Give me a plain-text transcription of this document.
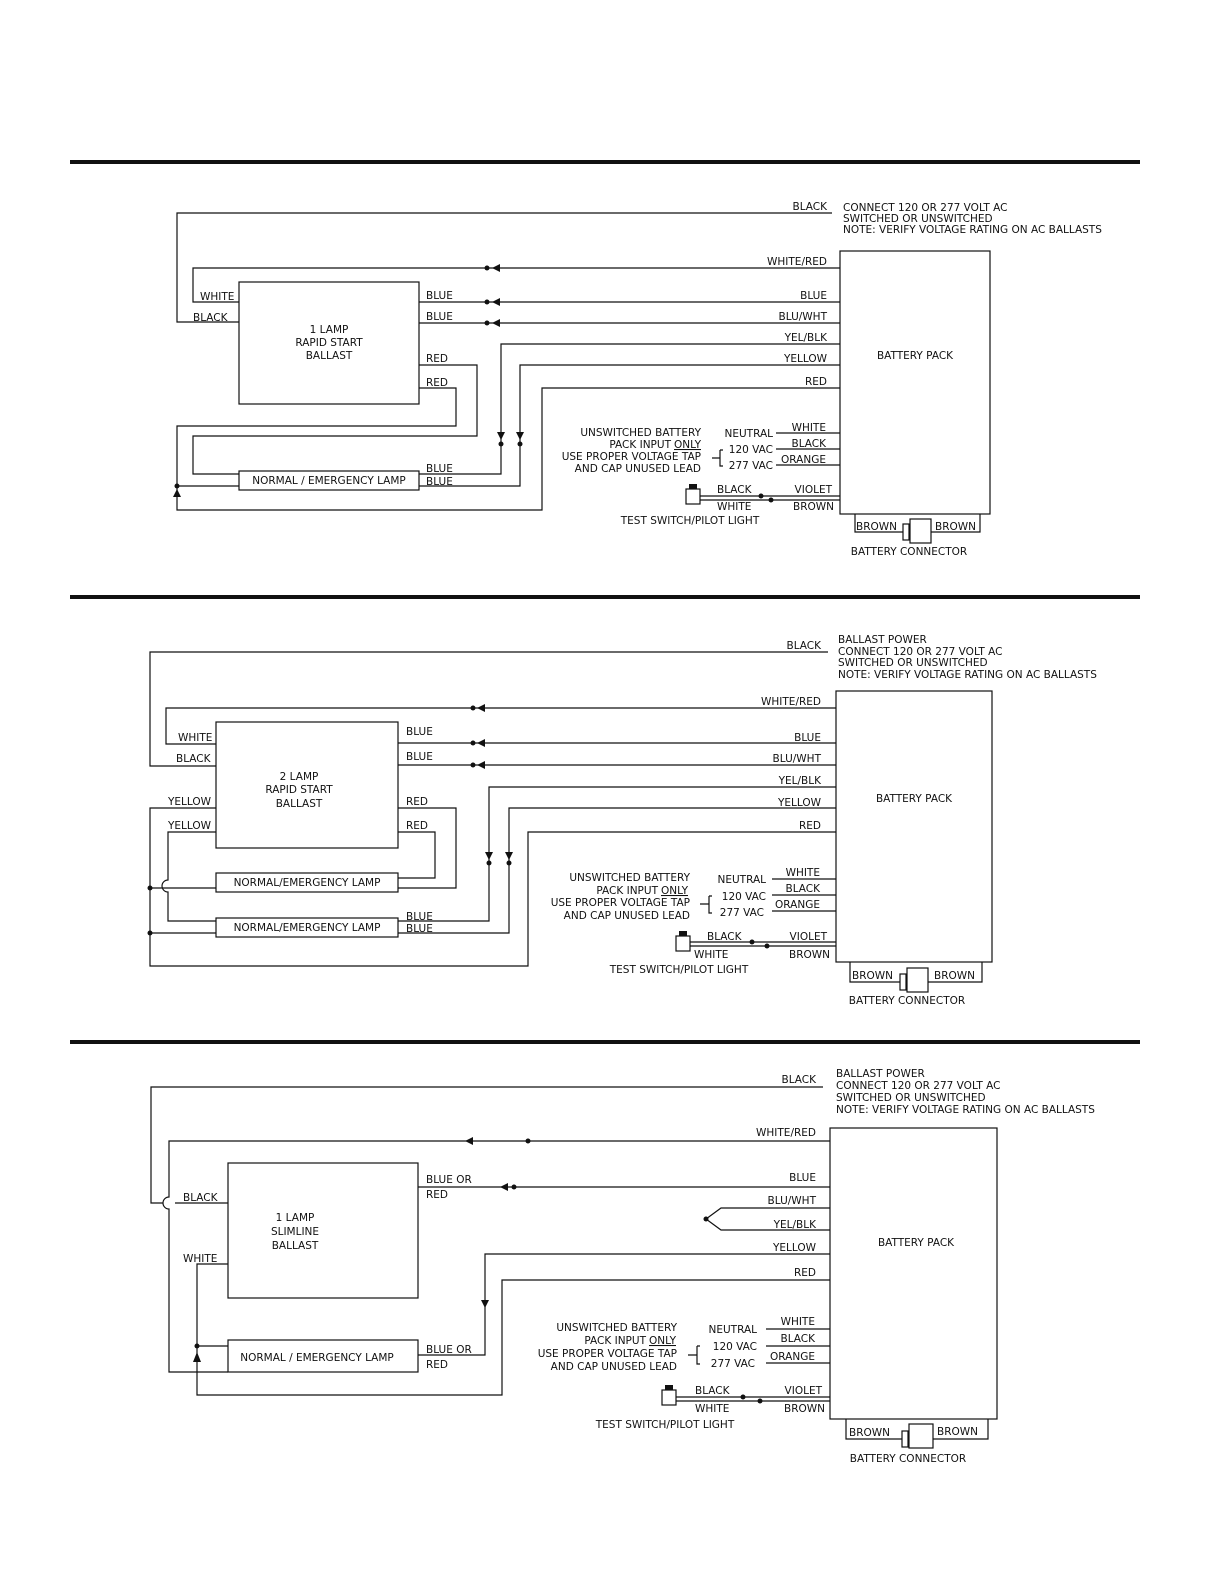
1 LAMP
RAPID START
BALLAST
NORMAL / EMERGENCY LAMP
BATTERY PACK
BROWN	BROWN
BATTERY CONNECTOR
BLACK CONNECT 120 OR 277 VOLT AC
SWITCHED OR UNSWITCHED
NOTE: VERIFY VOLTAGE RATING ON AC BALLASTS
WHITE/RED
WHITE
BLACK
BLUE
BLUE
BLU/WHT
BLUE
YEL/BLK
YELLOW
BLUE
BLUE
RED
RED
RED
WHITE
BLACK
ORANGE
NEUTRAL
120 VAC
277 VAC
UNSWITCHED BATTERY
PACK INPUT ONLY
USE PROPER VOLTAGE TAP
AND CAP UNUSED LEAD
BLACK
WHITE
VIOLET
BROWN
TEST SWITCH/PILOT LIGHT
2 LAMP
RAPID START
BALLAST
NORMAL/EMERGENCY LAMP
NORMAL/EMERGENCY LAMP
BATTERY PACK
BROWN	BROWN
BATTERY CONNECTOR
BLACK BALLAST POWER
CONNECT 120 OR 277 VOLT AC
SWITCHED OR UNSWITCHED
NOTE: VERIFY VOLTAGE RATING ON AC BALLASTS
WHITE/RED
WHITE
BLACK
BLUE
BLUE
BLU/WHT
BLUE
YEL/BLK
YELLOW
BLUE
BLUE
RED
YELLOW
YELLOW
RED
RED
WHITE
BLACK
ORANGE
NEUTRAL
120 VAC
277 VAC
UNSWITCHED BATTERY
PACK INPUT ONLY
USE PROPER VOLTAGE TAP
AND CAP UNUSED LEAD
BLACK
WHITE
VIOLET
BROWN
TEST SWITCH/PILOT LIGHT
1 LAMP
SLIMLINE
BALLAST
NORMAL / EMERGENCY LAMP
BATTERY PACK
BROWN	BROWN
BATTERY CONNECTOR
BLACK BALLAST POWER
CONNECT 120 OR 277 VOLT AC
SWITCHED OR UNSWITCHED
NOTE: VERIFY VOLTAGE RATING ON AC BALLASTS
BLACK
WHITE/RED
BLUE
BLUE OR
RED	BLU/WHT
YEL/BLK
YELLOW
BLUE OR
RED
RED
WHITE
WHITE
BLACK
ORANGE
NEUTRAL
120 VAC
277 VAC
UNSWITCHED BATTERY
PACK INPUT ONLY
USE PROPER VOLTAGE TAP
AND CAP UNUSED LEAD
BLACK
WHITE
VIOLET
BROWN
TEST SWITCH/PILOT LIGHT
